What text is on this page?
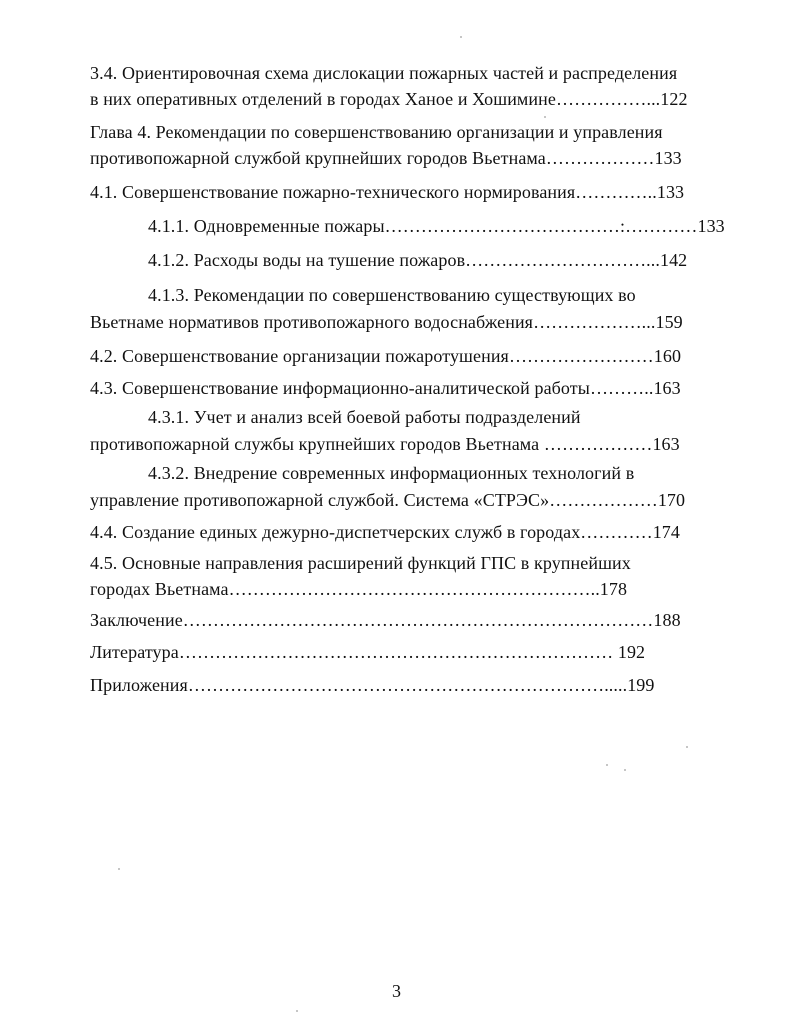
3.4. Ориентировочная схема дислокации пожарных частей и распределения
в них оперативных отделений в городах Ханое и Хошимине……………...122
Глава 4. Рекомендации по совершенствованию организации и управления
противопожарной службой крупнейших городов Вьетнама………………133
4.1. Совершенствование пожарно-технического нормирования…………..133
4.1.1. Одновременные пожары…………………………………:…………133
4.1.2. Расходы воды на тушение пожаров…………………………...142
4.1.3. Рекомендации по совершенствованию существующих во
Вьетнаме нормативов противопожарного водоснабжения………………...159
4.2. Совершенствование организации пожаротушения……………………160
4.3. Совершенствование информационно-аналитической работы………..163
4.3.1. Учет и анализ всей боевой работы подразделений
противопожарной службы крупнейших городов Вьетнама ………………163
4.3.2. Внедрение современных информационных технологий в
управление противопожарной службой. Система «СТРЭС»………………170
4.4. Создание единых дежурно-диспетчерских служб в городах…………174
4.5. Основные направления расширений функций ГПС в крупнейших
городах Вьетнама……………………………………………………..178
Заключение……………………………………………………………………188
Литература……………………………………………………………… 192
Приложения…………………………………………………………….....199
3
